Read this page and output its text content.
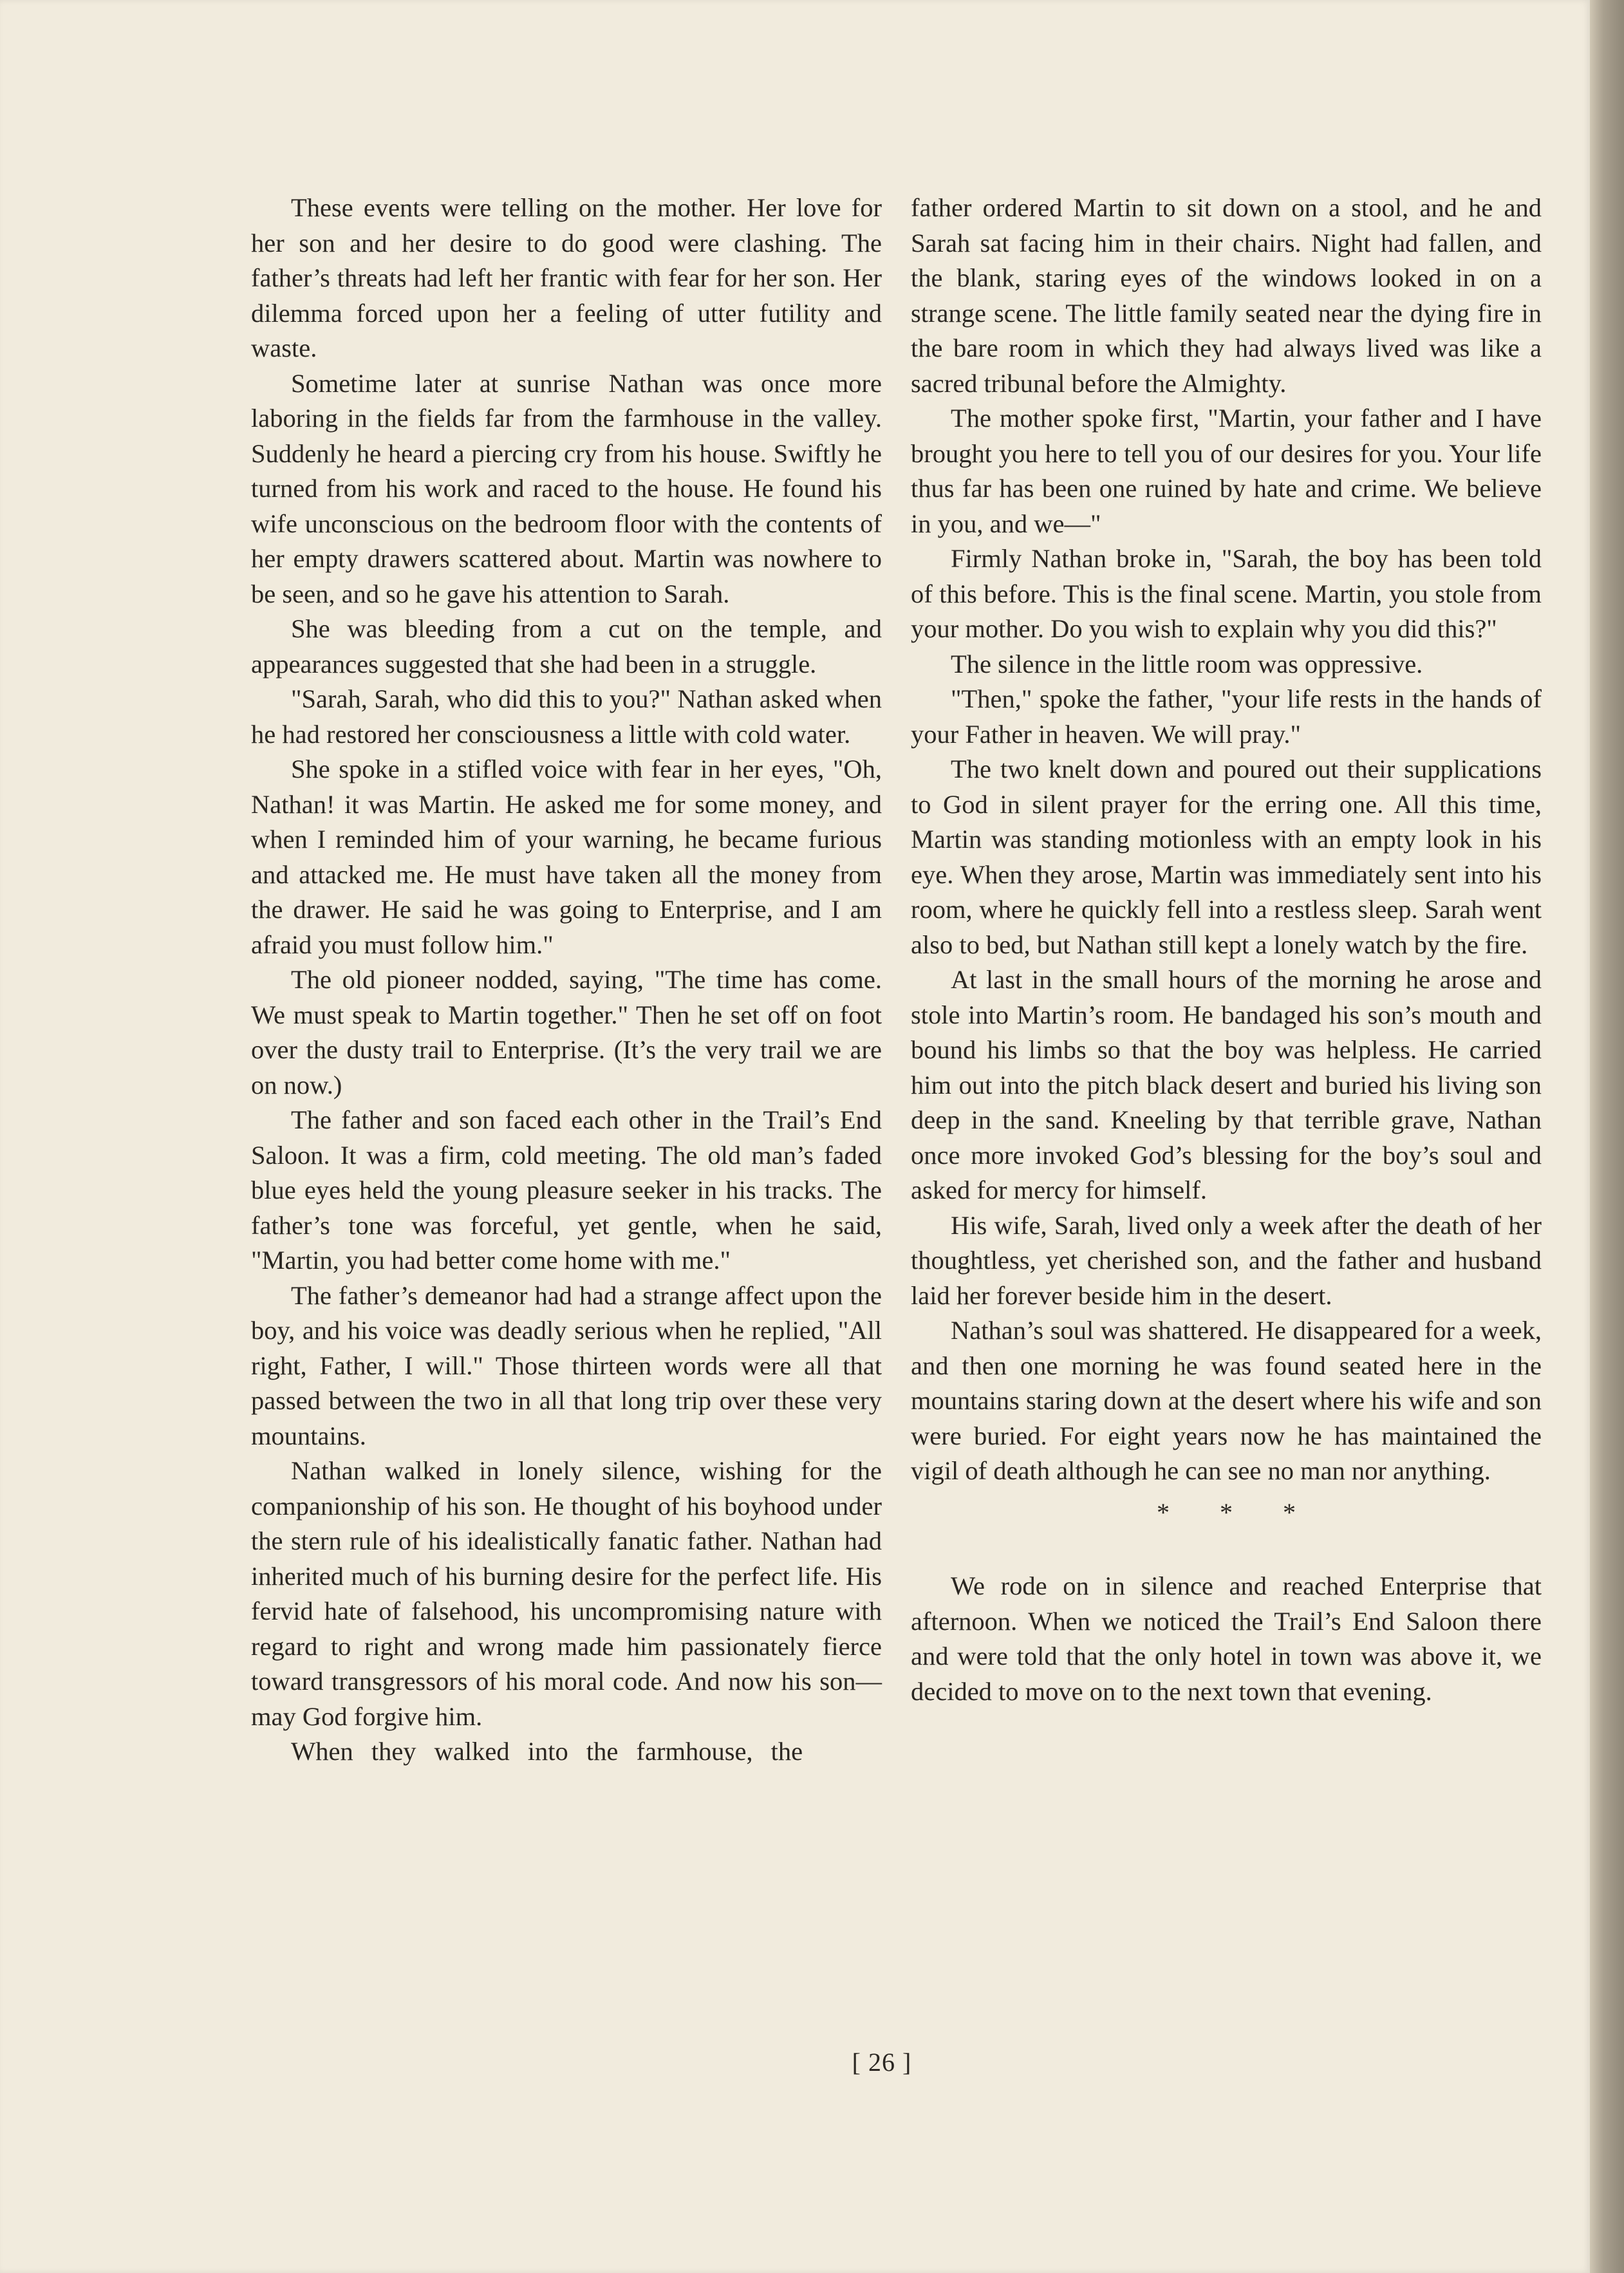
These events were telling on the mother. Her love for her son and her desire to do good were clashing. The father’s threats had left her frantic with fear for her son. Her dilemma forced upon her a feeling of utter futility and waste.

Sometime later at sunrise Nathan was once more laboring in the fields far from the farmhouse in the valley. Suddenly he heard a piercing cry from his house. Swiftly he turned from his work and raced to the house. He found his wife unconscious on the bedroom floor with the contents of her empty drawers scattered about. Martin was nowhere to be seen, and so he gave his attention to Sarah.

She was bleeding from a cut on the temple, and appearances suggested that she had been in a struggle.

"Sarah, Sarah, who did this to you?" Nathan asked when he had restored her consciousness a little with cold water.

She spoke in a stifled voice with fear in her eyes, "Oh, Nathan! it was Martin. He asked me for some money, and when I reminded him of your warning, he became furious and attacked me. He must have taken all the money from the drawer. He said he was going to Enterprise, and I am afraid you must follow him."

The old pioneer nodded, saying, "The time has come. We must speak to Martin together." Then he set off on foot over the dusty trail to Enterprise. (It’s the very trail we are on now.)

The father and son faced each other in the Trail’s End Saloon. It was a firm, cold meeting. The old man’s faded blue eyes held the young pleasure seeker in his tracks. The father’s tone was forceful, yet gentle, when he said, "Martin, you had better come home with me."

The father’s demeanor had had a strange affect upon the boy, and his voice was deadly serious when he replied, "All right, Father, I will." Those thirteen words were all that passed between the two in all that long trip over these very mountains.

Nathan walked in lonely silence, wishing for the companionship of his son. He thought of his boyhood under the stern rule of his idealistically fanatic father. Nathan had inherited much of his burning desire for the perfect life. His fervid hate of falsehood, his uncompromising nature with regard to right and wrong made him passionately fierce toward transgressors of his moral code. And now his son—may God forgive him.

When they walked into the farmhouse, the

father ordered Martin to sit down on a stool, and he and Sarah sat facing him in their chairs. Night had fallen, and the blank, staring eyes of the windows looked in on a strange scene. The little family seated near the dying fire in the bare room in which they had always lived was like a sacred tribunal before the Almighty.

The mother spoke first, "Martin, your father and I have brought you here to tell you of our desires for you. Your life thus far has been one ruined by hate and crime. We believe in you, and we—"

Firmly Nathan broke in, "Sarah, the boy has been told of this before. This is the final scene. Martin, you stole from your mother. Do you wish to explain why you did this?"

The silence in the little room was oppressive.

"Then," spoke the father, "your life rests in the hands of your Father in heaven. We will pray."

The two knelt down and poured out their supplications to God in silent prayer for the erring one. All this time, Martin was standing motionless with an empty look in his eye. When they arose, Martin was immediately sent into his room, where he quickly fell into a restless sleep. Sarah went also to bed, but Nathan still kept a lonely watch by the fire.

At last in the small hours of the morning he arose and stole into Martin’s room. He bandaged his son’s mouth and bound his limbs so that the boy was helpless. He carried him out into the pitch black desert and buried his living son deep in the sand. Kneeling by that terrible grave, Nathan once more invoked God’s blessing for the boy’s soul and asked for mercy for himself.

His wife, Sarah, lived only a week after the death of her thoughtless, yet cherished son, and the father and husband laid her forever beside him in the desert.

Nathan’s soul was shattered. He disappeared for a week, and then one morning he was found seated here in the mountains staring down at the desert where his wife and son were buried. For eight years now he has maintained the vigil of death although he can see no man nor anything.

* * *

We rode on in silence and reached Enterprise that afternoon. When we noticed the Trail’s End Saloon there and were told that the only hotel in town was above it, we decided to move on to the next town that evening.

[ 26 ]
